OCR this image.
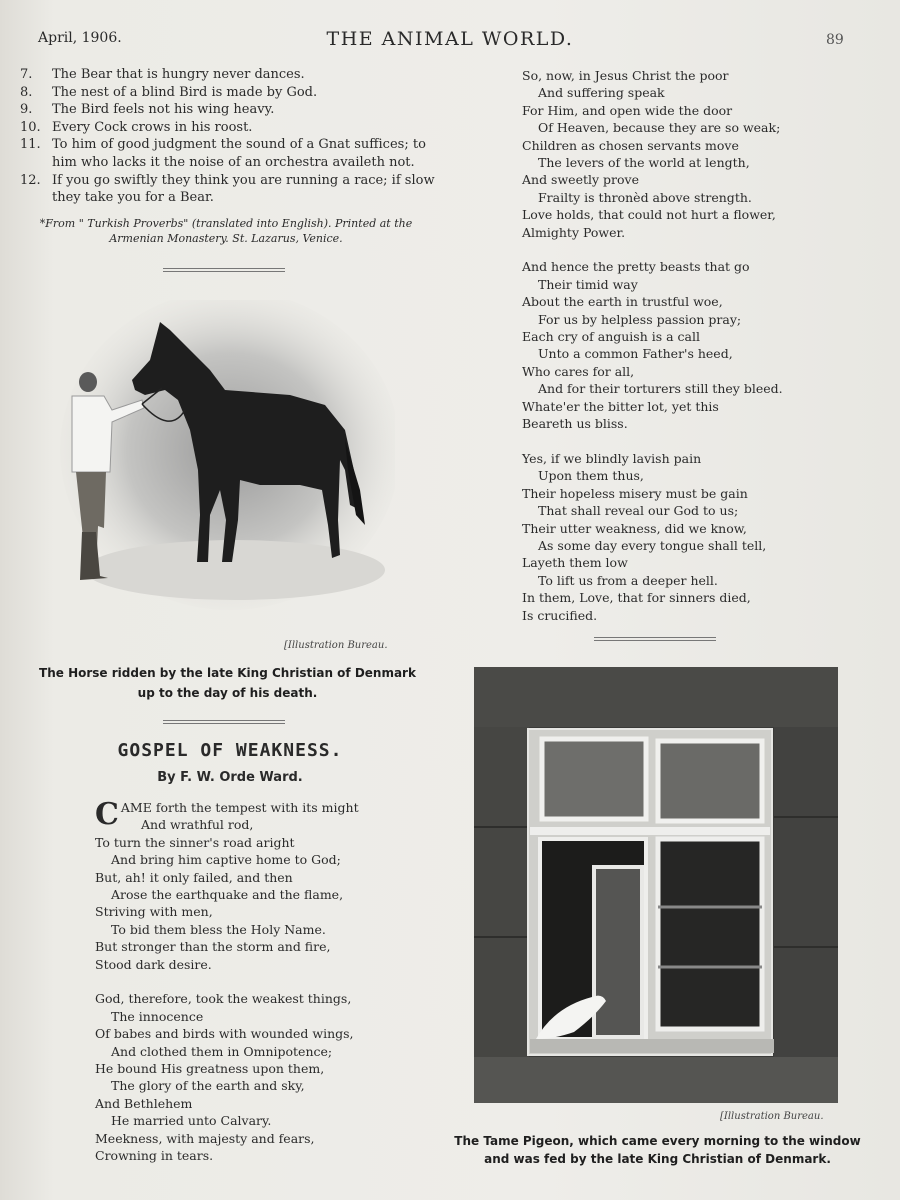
April, 1906.	THE ANIMAL WORLD.	89
7.	The Bear that is hungry never dances.
8.	The nest of a blind Bird is made by God.
9.	The Bird feels not his wing heavy.
10. Every Cock crows in his roost.
11. To him of good judgment the sound of a Gnat suffices; to him who lacks it the noise of an orchestra availeth not.
12. If you go swiftly they think you are running a race; if slow they take you for a Bear.
*From " Turkish Proverbs" (translated into English). Printed at the Armenian Monastery. St. Lazarus, Venice.
[Illustration Bureau.
The Horse ridden by the late King Christian of Denmark
up to the day of his death.
GOSPEL OF WEAKNESS.
By F. W. Orde Ward.
CAME forth the tempest with its might
And wrathful rod,
To turn the sinner's road aright
And bring him captive home to God;
But, ah! it only failed, and then
Arose the earthquake and the flame,
Striving with men,
To bid them bless the Holy Name.
But stronger than the storm and fire,
Stood dark desire.
God, therefore, took the weakest things,
The innocence
Of babes and birds with wounded wings,
And clothed them in Omnipotence;
He bound His greatness upon them,
The glory of the earth and sky,
And Bethlehem
He married unto Calvary.
Meekness, with majesty and fears,
Crowning in tears.
So, now, in Jesus Christ the poor
And suffering speak
For Him, and open wide the door
Of Heaven, because they are so weak;
Children as chosen servants move
The levers of the world at length,
And sweetly prove
Frailty is thronèd above strength.
Love holds, that could not hurt a flower,
Almighty Power.
And hence the pretty beasts that go
Their timid way
About the earth in trustful woe,
For us by helpless passion pray;
Each cry of anguish is a call
Unto a common Father's heed,
Who cares for all,
And for their torturers still they bleed.
Whate'er the bitter lot, yet this
Beareth us bliss.
Yes, if we blindly lavish pain
Upon them thus,
Their hopeless misery must be gain
That shall reveal our God to us;
Their utter weakness, did we know,
As some day every tongue shall tell,
Layeth them low
To lift us from a deeper hell.
In them, Love, that for sinners died,
Is crucified.
[Illustration Bureau.
The Tame Pigeon, which came every morning to the window
and was fed by the late King Christian of Denmark.
